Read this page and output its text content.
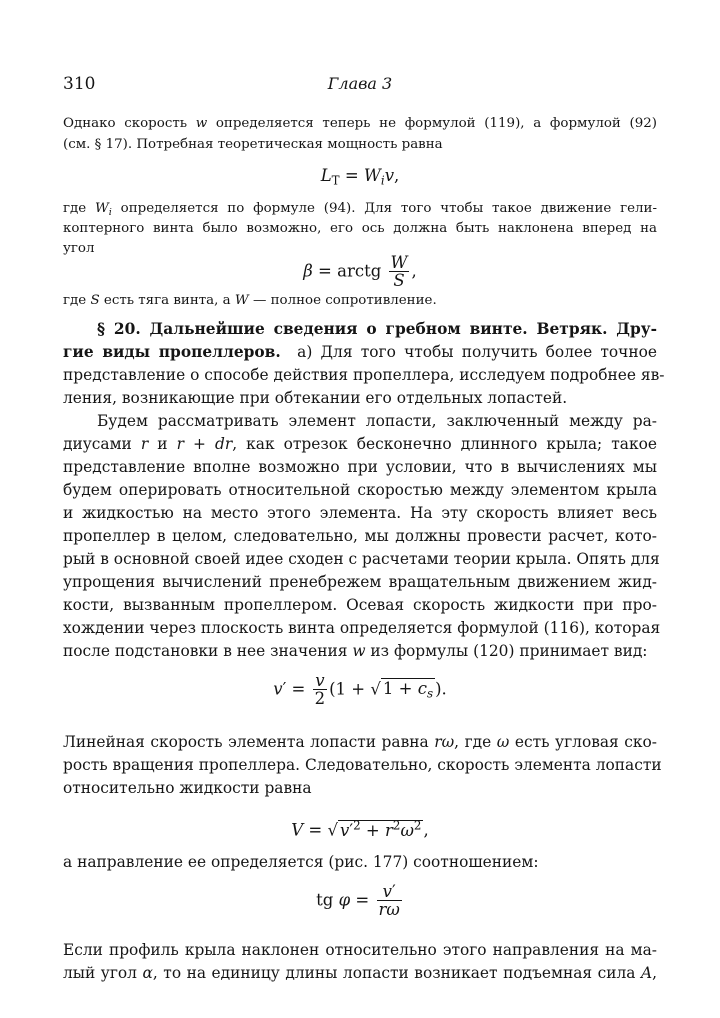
310	Глава 3
Однако скорость w определяется теперь не формулой (119), а формулой (92)
(см. § 17). Потребная теоретическая мощность равна
$L_T = W_iv$,
где $W_i$ определяется по формуле (94). Для того чтобы такое движение гели-
коптерного винта было возможно, его ось должна быть наклонена вперед на
угол
β = arctg $\frac{W}{S}$ ,
где S есть тяга винта, а W — полное сопротивление.
§ 20. Дальнейшие сведения о гребном винте. Ветряк. Дру-
гие виды пропеллеров. а) Для того чтобы получить более точное
представление о способе действия пропеллера, исследуем подробнее яв-
ления, возникающие при обтекании его отдельных лопастей.
Будем рассматривать элемент лопасти, заключенный между ра-
диусами r и r + dr, как отрезок бесконечно длинного крыла; такое
представление вполне возможно при условии, что в вычислениях мы
будем оперировать относительной скоростью между элементом крыла
и жидкостью на место этого элемента. На эту скорость влияет весь
пропеллер в целом, следовательно, мы должны провести расчет, кото-
рый в основной своей идее сходен с расчетами теории крыла. Опять для
упрощения вычислений пренебрежем вращательным движением жид-
кости, вызванным пропеллером. Осевая скорость жидкости при про-
хождении через плоскость винта определяется формулой (116), которая
после подстановки в нее значения w из формулы (120) принимает вид:
$v' = \frac{v}{2} (1$ + √ $1 + c_s$ ).
Линейная скорость элемента лопасти равна rω, где ω есть угловая ско-
рость вращения пропеллера. Следовательно, скорость элемента лопасти
относительно жидкости равна
V = √ $v'^2 + r^2\omega^2$ ,
а направление ее определяется (рис. 177) соотношением:
tg $\varphi = \frac{v'}{r\omega}$
Если профиль крыла наклонен относительно этого направления на ма-
лый угол α, то на единицу длины лопасти возникает подъемная сила A,
